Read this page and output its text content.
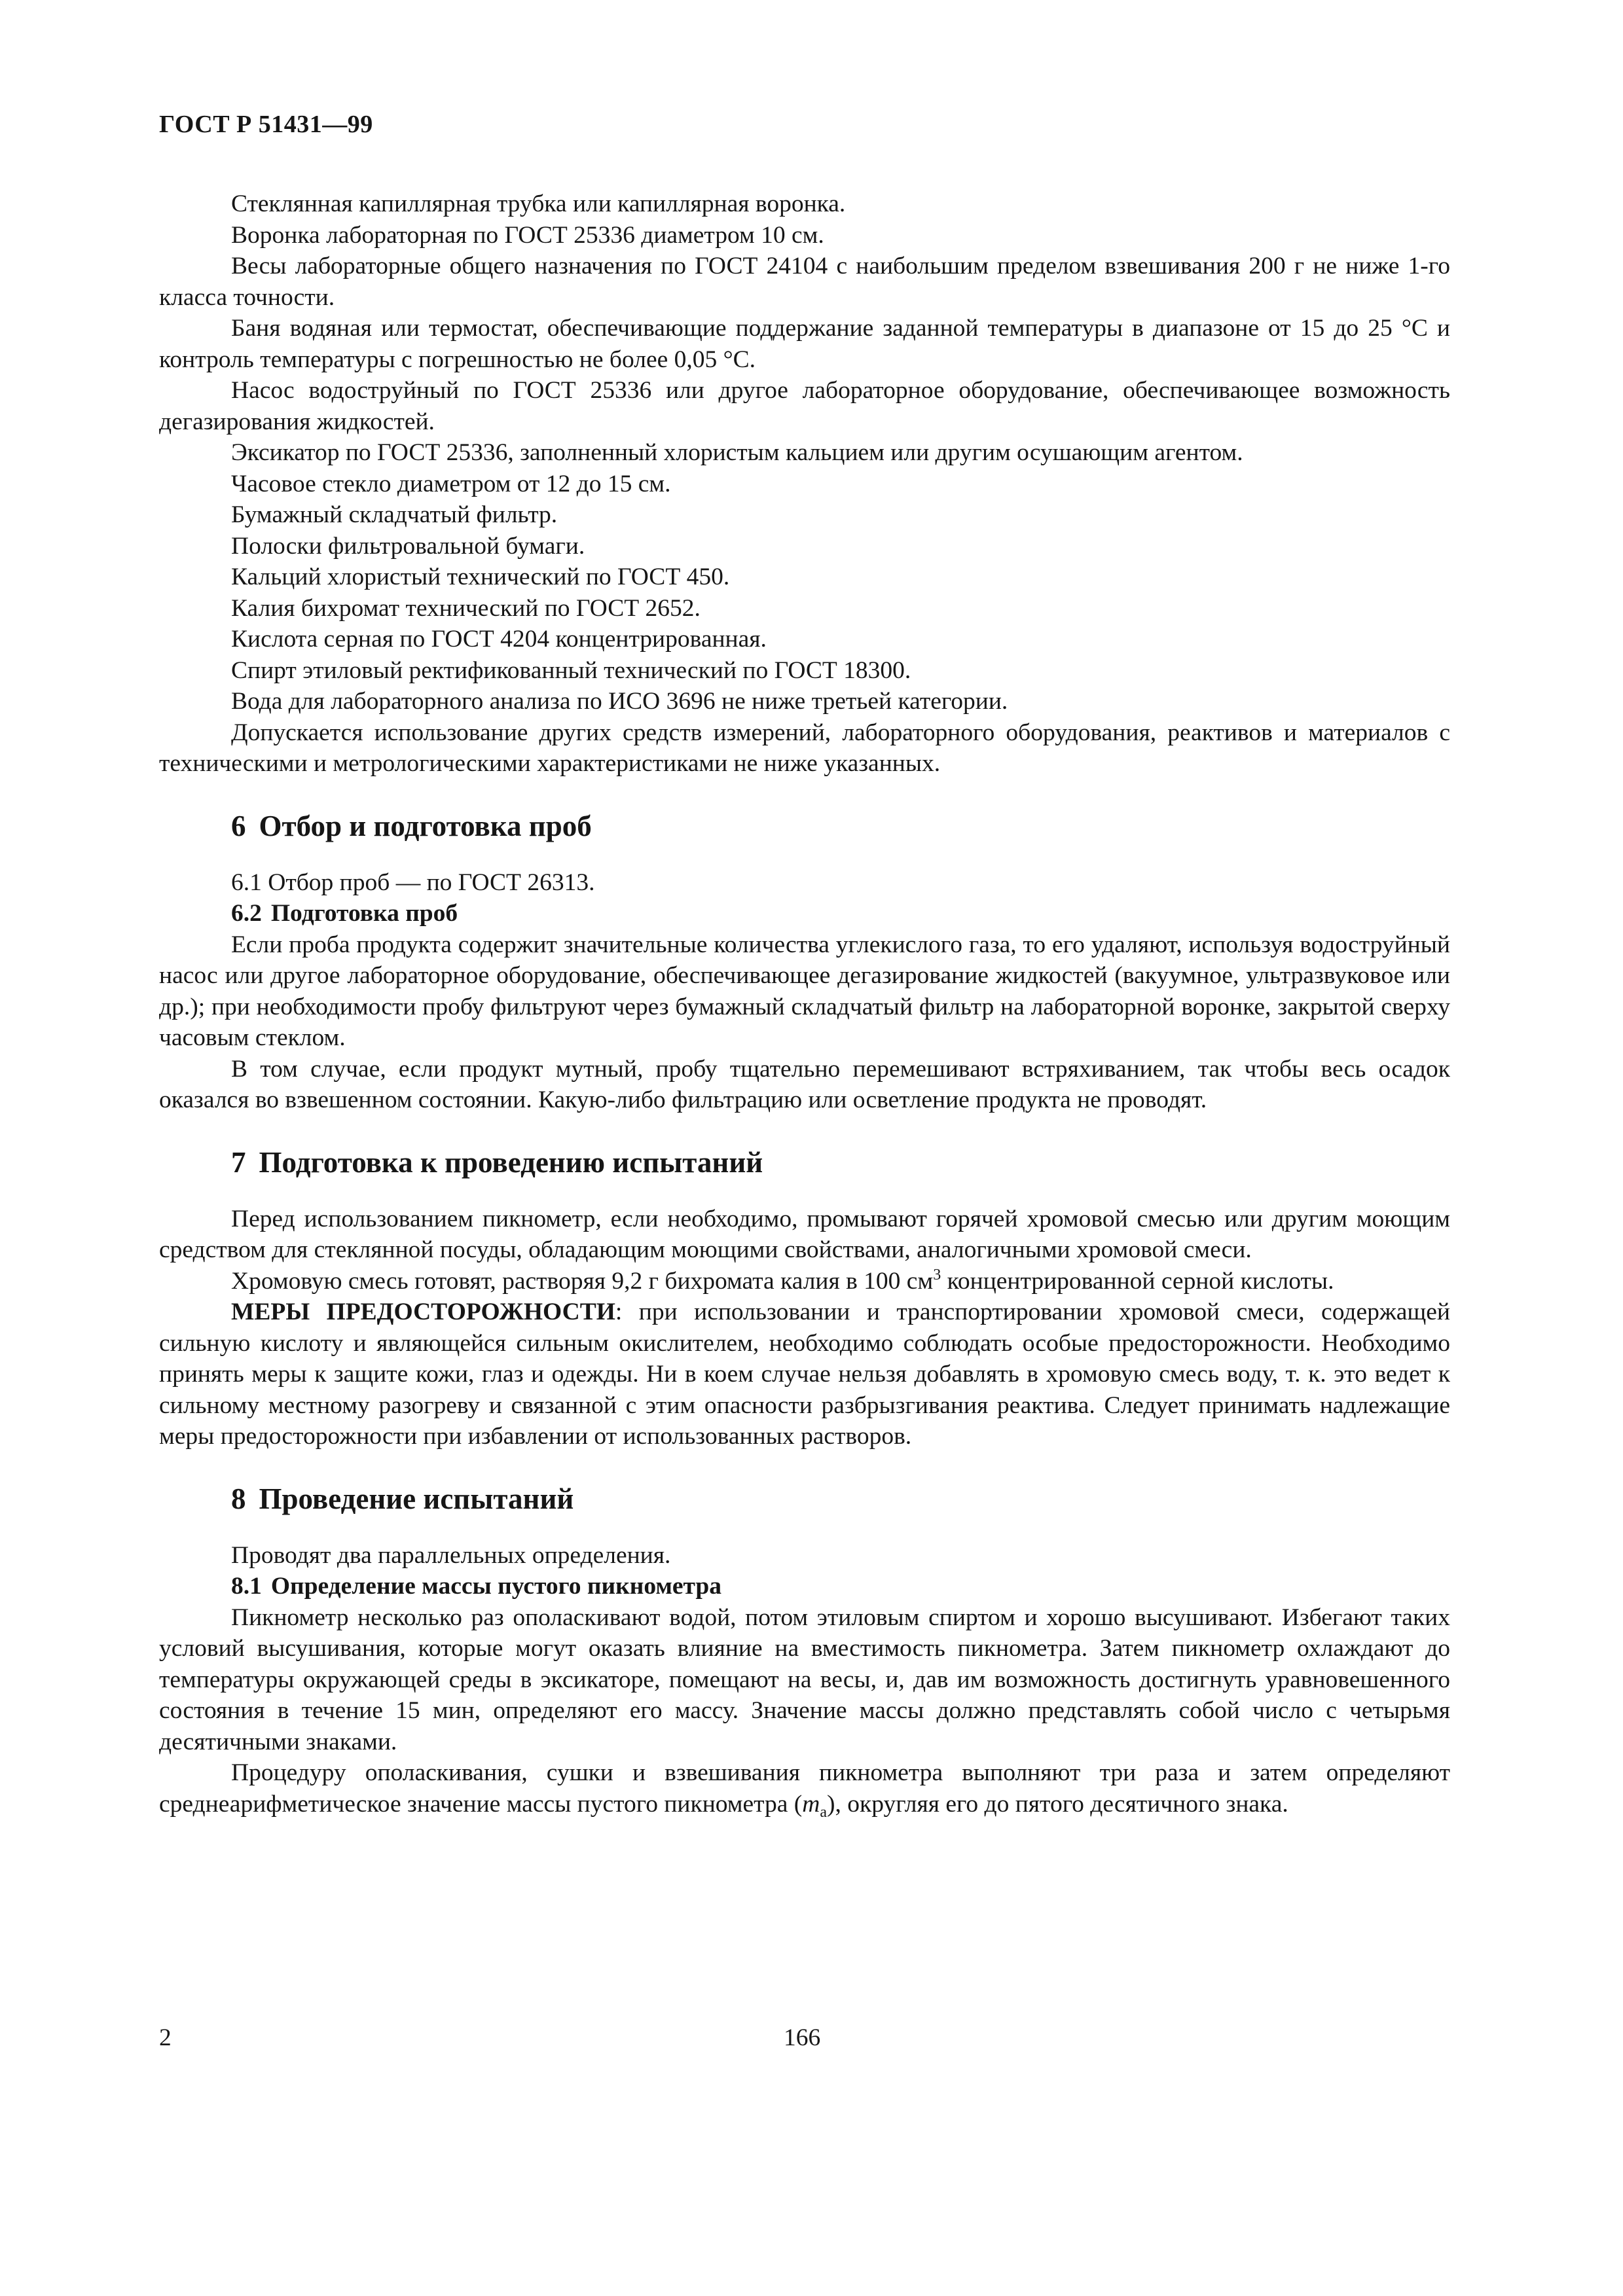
ГОСТ Р 51431—99

Стеклянная капиллярная трубка или капиллярная воронка.

Воронка лабораторная по ГОСТ 25336 диаметром 10 см.

Весы лабораторные общего назначения по ГОСТ 24104 с наибольшим пределом взвешивания 200 г не ниже 1-го класса точности.

Баня водяная или термостат, обеспечивающие поддержание заданной температуры в диапазоне от 15 до 25 °С и контроль температуры с погрешностью не более 0,05 °С.

Насос водоструйный по ГОСТ 25336 или другое лабораторное оборудование, обеспечивающее возможность дегазирования жидкостей.

Эксикатор по ГОСТ 25336, заполненный хлористым кальцием или другим осушающим агентом.

Часовое стекло диаметром от 12 до 15 см.

Бумажный складчатый фильтр.

Полоски фильтровальной бумаги.

Кальций хлористый технический по ГОСТ 450.

Калия бихромат технический по ГОСТ 2652.

Кислота серная по ГОСТ 4204 концентрированная.

Спирт этиловый ректификованный технический по ГОСТ 18300.

Вода для лабораторного анализа по ИСО 3696 не ниже третьей категории.

Допускается использование других средств измерений, лабораторного оборудования, реактивов и материалов с техническими и метрологическими характеристиками не ниже указанных.

6 Отбор и подготовка проб

6.1 Отбор проб — по ГОСТ 26313.

6.2 Подготовка проб

Если проба продукта содержит значительные количества углекислого газа, то его удаляют, используя водоструйный насос или другое лабораторное оборудование, обеспечивающее дегазирование жидкостей (вакуумное, ультразвуковое или др.); при необходимости пробу фильтруют через бумажный складчатый фильтр на лабораторной воронке, закрытой сверху часовым стеклом.

В том случае, если продукт мутный, пробу тщательно перемешивают встряхиванием, так чтобы весь осадок оказался во взвешенном состоянии. Какую-либо фильтрацию или осветление продукта не проводят.

7 Подготовка к проведению испытаний

Перед использованием пикнометр, если необходимо, промывают горячей хромовой смесью или другим моющим средством для стеклянной посуды, обладающим моющими свойствами, аналогичными хромовой смеси.

Хромовую смесь готовят, растворяя 9,2 г бихромата калия в 100 $см^3$ концентрированной серной кислоты.

МЕРЫ ПРЕДОСТОРОЖНОСТИ: при использовании и транспортировании хромовой смеси, содержащей сильную кислоту и являющейся сильным окислителем, необходимо соблюдать особые предосторожности. Необходимо принять меры к защите кожи, глаз и одежды. Ни в коем случае нельзя добавлять в хромовую смесь воду, т. к. это ведет к сильному местному разогреву и связанной с этим опасности разбрызгивания реактива. Следует принимать надлежащие меры предосторожности при избавлении от использованных растворов.

8 Проведение испытаний

Проводят два параллельных определения.

8.1 Определение массы пустого пикнометра

Пикнометр несколько раз ополаскивают водой, потом этиловым спиртом и хорошо высушивают. Избегают таких условий высушивания, которые могут оказать влияние на вместимость пикнометра. Затем пикнометр охлаждают до температуры окружающей среды в эксикаторе, помещают на весы, и, дав им возможность достигнуть уравновешенного состояния в течение 15 мин, определяют его массу. Значение массы должно представлять собой число с четырьмя десятичными знаками.

Процедуру ополаскивания, сушки и взвешивания пикнометра выполняют три раза и затем определяют среднеарифметическое значение массы пустого пикнометра $(m_a)$, округляя его до пятого десятичного знака.

2	166
